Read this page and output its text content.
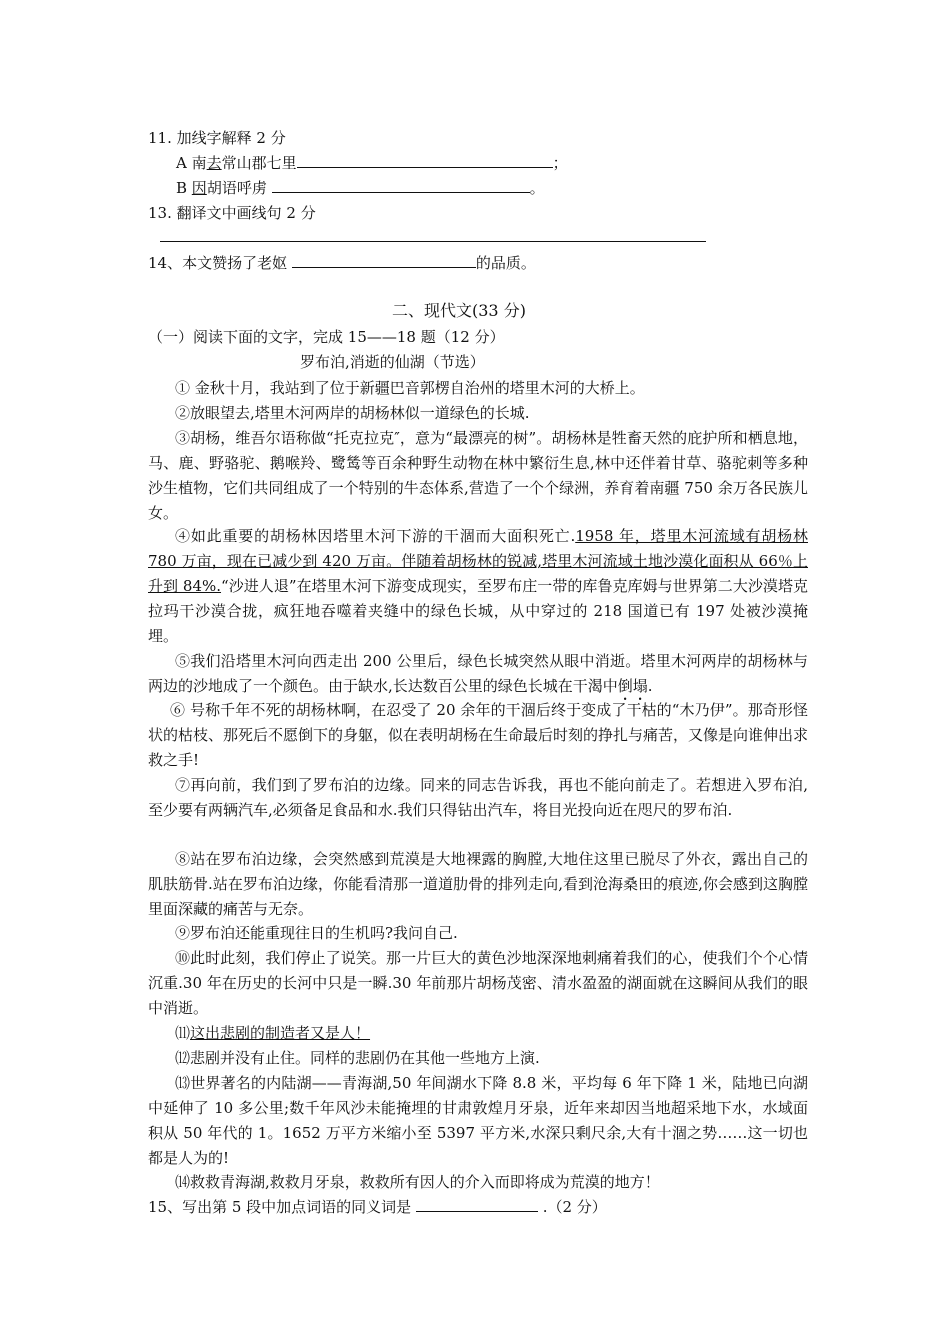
11. 加线字解释 2 分
A 南去常山郡七里	；
B 因胡语呼虏	。
13. 翻译文中画线句 2 分
14、本文赞扬了老妪	的品质。
二、现代文(33 分)
（一）阅读下面的文字，完成 15——18 题（12 分）
罗布泊,消逝的仙湖（节选）
① 金秋十月，我站到了位于新疆巴音郭楞自治州的塔里木河的大桥上。
②放眼望去,塔里木河两岸的胡杨林似一道绿色的长城.
③胡杨，维吾尔语称做“托克拉克″，意为“最漂亮的树”。胡杨林是牲畜天然的庇护所和栖息地，马、鹿、野骆驼、鹅喉羚、鹭鸶等百余种野生动物在林中繁衍生息,林中还伴着甘草、骆驼刺等多种沙生植物，它们共同组成了一个特别的牛态体系,营造了一个个绿洲，养育着南疆 750 余万各民族儿女。
④如此重要的胡杨林因塔里木河下游的干涸而大面积死亡.1958 年，塔里木河流域有胡杨林 780 万亩，现在已减少到 420 万亩。伴随着胡杨林的锐减,塔里木河流域土地沙漠化面积从 66％上升到 84%.“沙进人退”在塔里木河下游变成现实，至罗布庄一带的库鲁克库姆与世界第二大沙漠塔克拉玛干沙漠合拢，疯狂地吞噬着夹缝中的绿色长城，从中穿过的 218 国道已有 197 处被沙漠掩埋。
⑤我们沿塔里木河向西走出 200 公里后，绿色长城突然从眼中消逝。塔里木河两岸的胡杨林与两边的沙地成了一个颜色。由于缺水,长达数百公里的绿色长城在干渴中倒塌.
⑥ 号称千年不死的胡杨林啊，在忍受了 20 余年的干涸后终于变成了干枯的“木乃伊”。那奇形怪状的枯枝、那死后不愿倒下的身躯，似在表明胡杨在生命最后时刻的挣扎与痛苦，又像是向谁伸出求救之手!
⑦再向前，我们到了罗布泊的边缘。同来的同志告诉我，再也不能向前走了。若想进入罗布泊,至少要有两辆汽车,必须备足食品和水.我们只得钻出汽车，将目光投向近在咫尺的罗布泊.
⑧站在罗布泊边缘，会突然感到荒漠是大地裸露的胸膛,大地住这里已脱尽了外衣，露出自己的肌肤筋骨.站在罗布泊边缘，你能看清那一道道肋骨的排列走向,看到沧海桑田的痕迹,你会感到这胸膛里面深藏的痛苦与无奈。
⑨罗布泊还能重现往日的生机吗?我问自己.
⑩此时此刻，我们停止了说笑。那一片巨大的黄色沙地深深地刺痛着我们的心，使我们个个心情沉重.30 年在历史的长河中只是一瞬.30 年前那片胡杨茂密、清水盈盈的湖面就在这瞬间从我们的眼中消逝。
⑾这出悲剧的制造者又是人！
⑿悲剧并没有止住。同样的悲剧仍在其他一些地方上演.
⒀世界著名的内陆湖——青海湖,50 年间湖水下降 8.8 米，平均每 6 年下降 1 米，陆地已向湖中延伸了 10 多公里;数千年风沙未能掩埋的甘肃敦煌月牙泉，近年来却因当地超采地下水，水域面积从 50 年代的 1。1652 万平方米缩小至 5397 平方米,水深只剩尺余,大有十涸之势……这一切也都是人为的!
⒁救救青海湖,救救月牙泉，救救所有因人的介入而即将成为荒漠的地方！
15、写出第 5 段中加点词语的同义词是	.（2 分）
